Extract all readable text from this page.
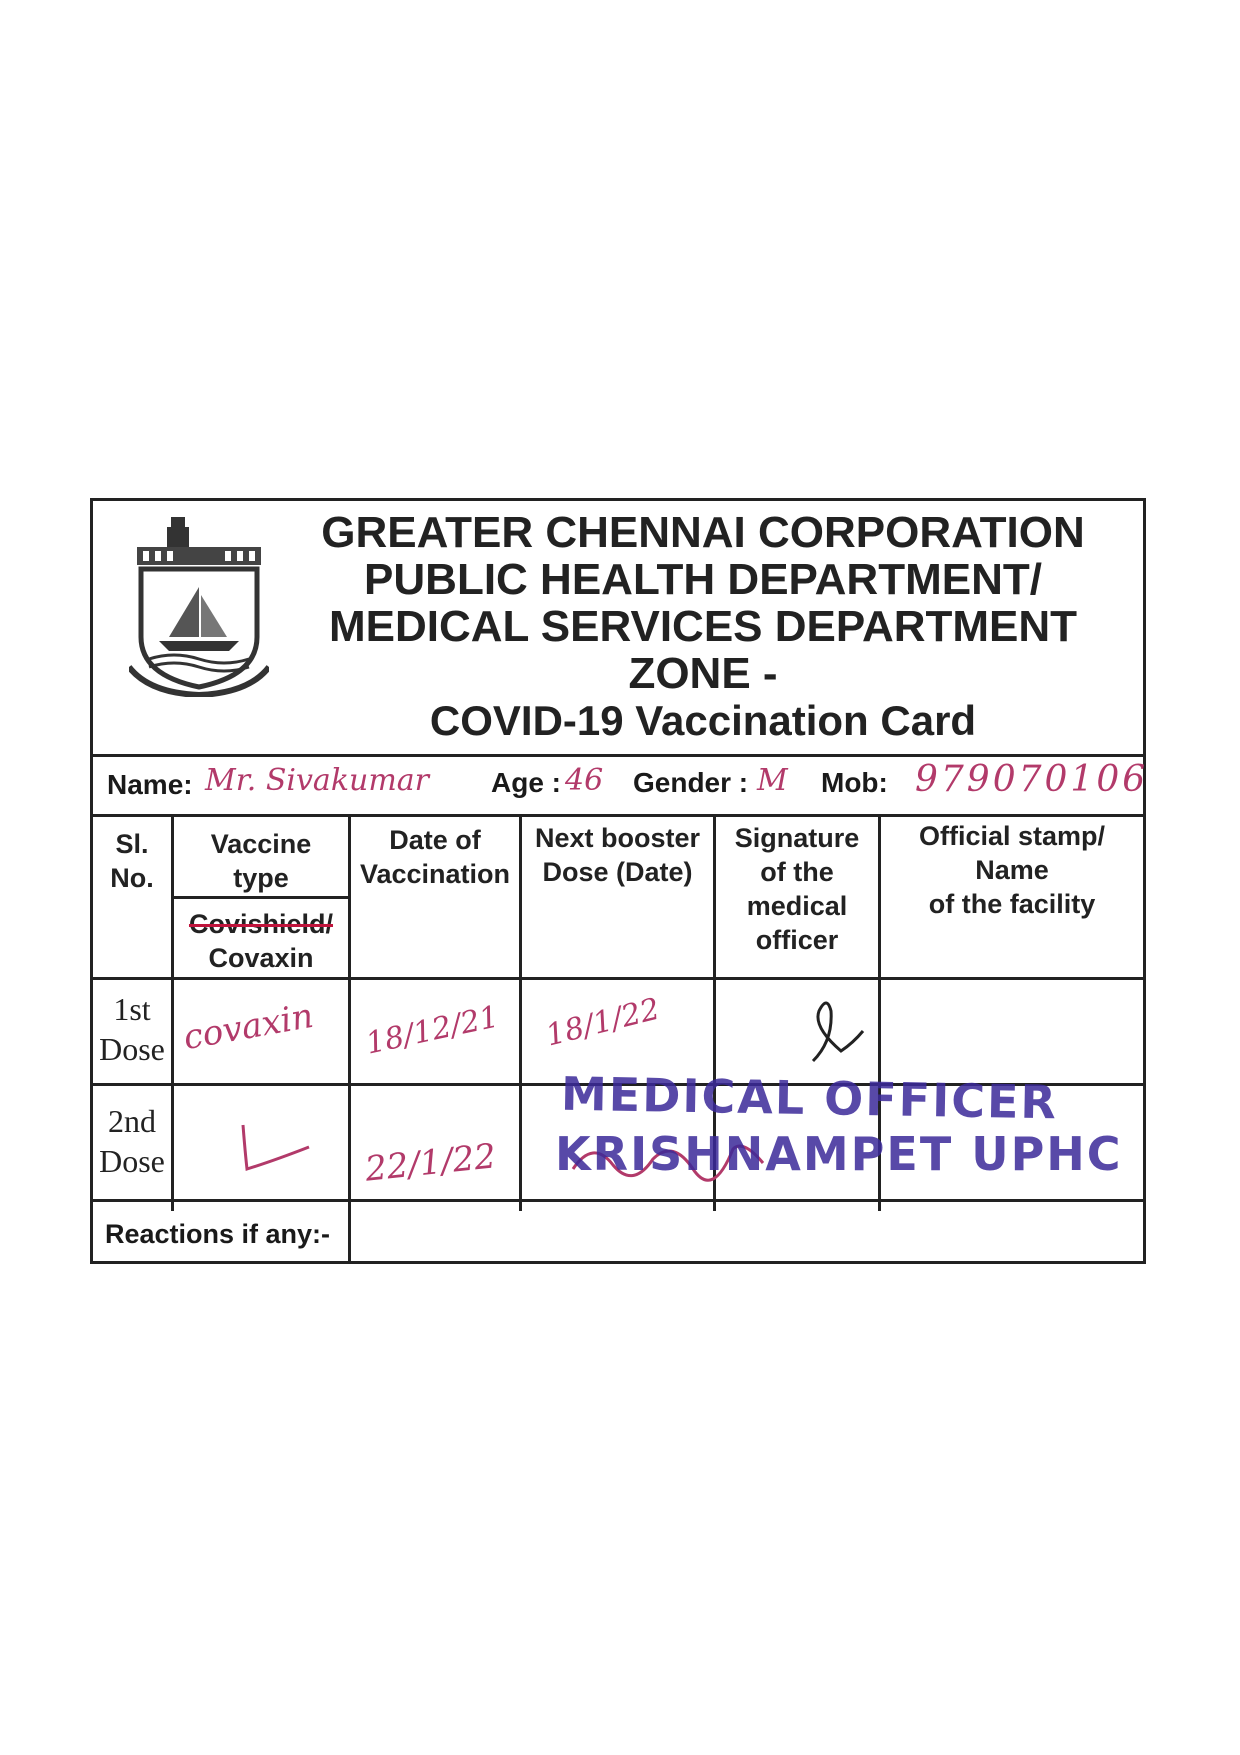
GREATER CHENNAI CORPORATION
PUBLIC HEALTH DEPARTMENT/
MEDICAL SERVICES DEPARTMENT
ZONE -
COVID-19 Vaccination Card
Name: Mr. Sivakumar Age : 46 Gender : M Mob: 979070106
Sl.
No.
Vaccine
type
Covishield/
Covaxin
Date of
Vaccination
Next booster
Dose (Date)
Signature
of the
medical
officer
Official stamp/
Name
of the facility
1st
Dose covaxin 18/12/21 18/1/22
2nd
Dose	22/1/22
MEDICAL OFFICER
KRISHNAMPET UPHC
Reactions if any:-
